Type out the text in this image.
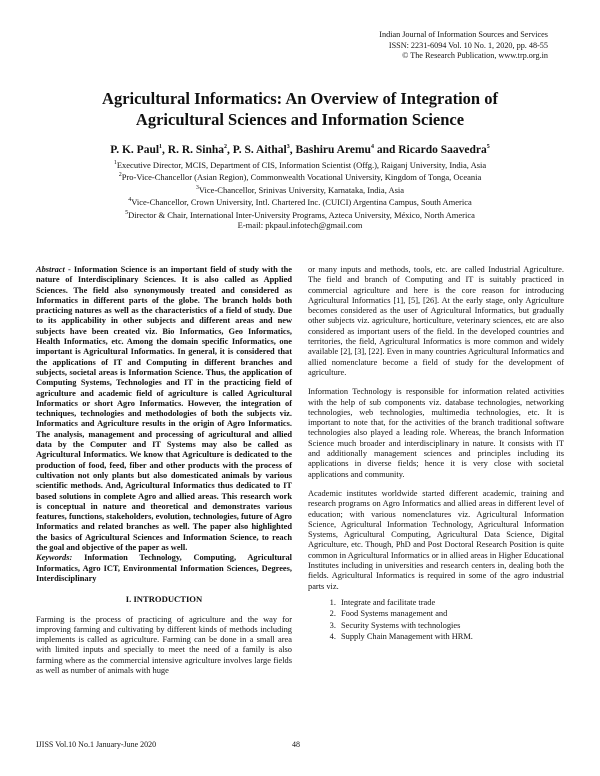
Indian Journal of Information Sources and Services
ISSN: 2231-6094 Vol. 10 No. 1, 2020, pp. 48-55
© The Research Publication, www.trp.org.in
Agricultural Informatics: An Overview of Integration of Agricultural Sciences and Information Science
P. K. Paul$^1$, R. R. Sinha$^2$, P. S. Aithal$^3$, Bashiru Aremu$^4$ and Ricardo Saavedra$^5$
$^1$Executive Director, MCIS, Department of CIS, Information Scientist (Offg.), Raiganj University, India, Asia
$^2$Pro-Vice-Chancellor (Asian Region), Commonwealth Vocational University, Kingdom of Tonga, Oceania
$^3$Vice-Chancellor, Srinivas University, Karnataka, India, Asia
$^4$Vice-Chancellor, Crown University, Intl. Chartered Inc. (CUICI) Argentina Campus, South America
$^5$Director & Chair, International Inter-University Programs, Azteca University, México, North America
E-mail: pkpaul.infotech@gmail.com

Abstract - Information Science is an important field of study with the nature of Interdisciplinary Sciences. It is also called as Applied Sciences. The field also synonymously treated and considered as Informatics in different parts of the globe. The branch holds both practicing natures as well as the characteristics of a field of study. Due to its applicability in other subjects and different areas and new subjects have been created viz. Bio Informatics, Geo Informatics, Health Informatics, etc. Among the domain specific Informatics, one important is Agricultural Informatics. In general, it is considered that the applications of IT and Computing in different branches and subjects, societal areas is Information Science. Thus, the application of Computing Systems, Technologies and IT in the practicing field of agriculture and academic field of agriculture is called Agricultural Informatics or short Agro Informatics. However, the integration of techniques, technologies and methodologies of both the subjects viz. Informatics and Agriculture results in the origin of Agro Informatics. The analysis, management and processing of agricultural and allied data by the Computer and IT Systems may also be called as Agricultural Informatics. We know that Agriculture is dedicated to the production of food, feed, fiber and other products with the process of cultivation not only plants but also domesticated animals by various scientific methods. And, Agricultural Informatics thus dedicated to IT based solutions in complete Agro and allied areas. This research work is conceptual in nature and theoretical and demonstrates various features, functions, stakeholders, evolution, technologies, future of Agro Informatics and related branches as well. The paper also highlighted the basics of Agricultural Sciences and Information Science, to reach the goal and objective of the paper as well.

Keywords: Information Technology, Computing, Agricultural Informatics, Agro ICT, Environmental Information Sciences, Degrees, Interdisciplinary

I. INTRODUCTION

Farming is the process of practicing of agriculture and the way for improving farming and cultivating by different kinds of methods including implements is called as agriculture. Farming can be done in a small area with limited inputs and specially to meet the need of a family is also farming where as the commercial intensive agriculture involves large fields as well as number of animals with huge

or many inputs and methods, tools, etc. are called Industrial Agriculture. The field and branch of Computing and IT is suitably practiced in commercial agriculture and here is the core reason for introducing Agricultural Informatics [1], [5], [26]. At the early stage, only Agriculture becomes considered as the user of Agricultural Informatics, but gradually other subjects viz. agriculture, horticulture, veterinary sciences, etc are also considered as important users of the field. In the developed countries and territories, the field, Agricultural Informatics is more common and widely available [2], [3], [22]. Even in many countries Agricultural Informatics and allied nomenclature become a field of study for the development of agriculture.

Information Technology is responsible for information related activities with the help of sub components viz. database technologies, networking technologies, web technologies, multimedia technologies, etc. It is important to note that, for the activities of the branch traditional software technologies also played a leading role. Whereas, the branch Information Science much broader and interdisciplinary in nature. It consists with IT and additionally management sciences and principles including its applications in diverse fields; hence it is very close with societal applications and community.

Academic institutes worldwide started different academic, training and research programs on Agro Informatics and allied areas in different level of education; with various nomenclatures viz. Agricultural Information Science, Agricultural Information Technology, Agricultural Information Systems, Agricultural Computing, Agricultural Data Science, Digital Agriculture, etc. Though, PhD and Post Doctoral Research Position is quite common in Agricultural Informatics or in allied areas in Higher Educational Institutes including in universities and research centers in, dealing both the fields. Agricultural Informatics is required in some of the agro industrial parts viz.

1. Integrate and facilitate trade
2. Food Systems management and
3. Security Systems with technologies
4. Supply Chain Management with HRM.
IJISS Vol.10 No.1 January-June 2020	48
